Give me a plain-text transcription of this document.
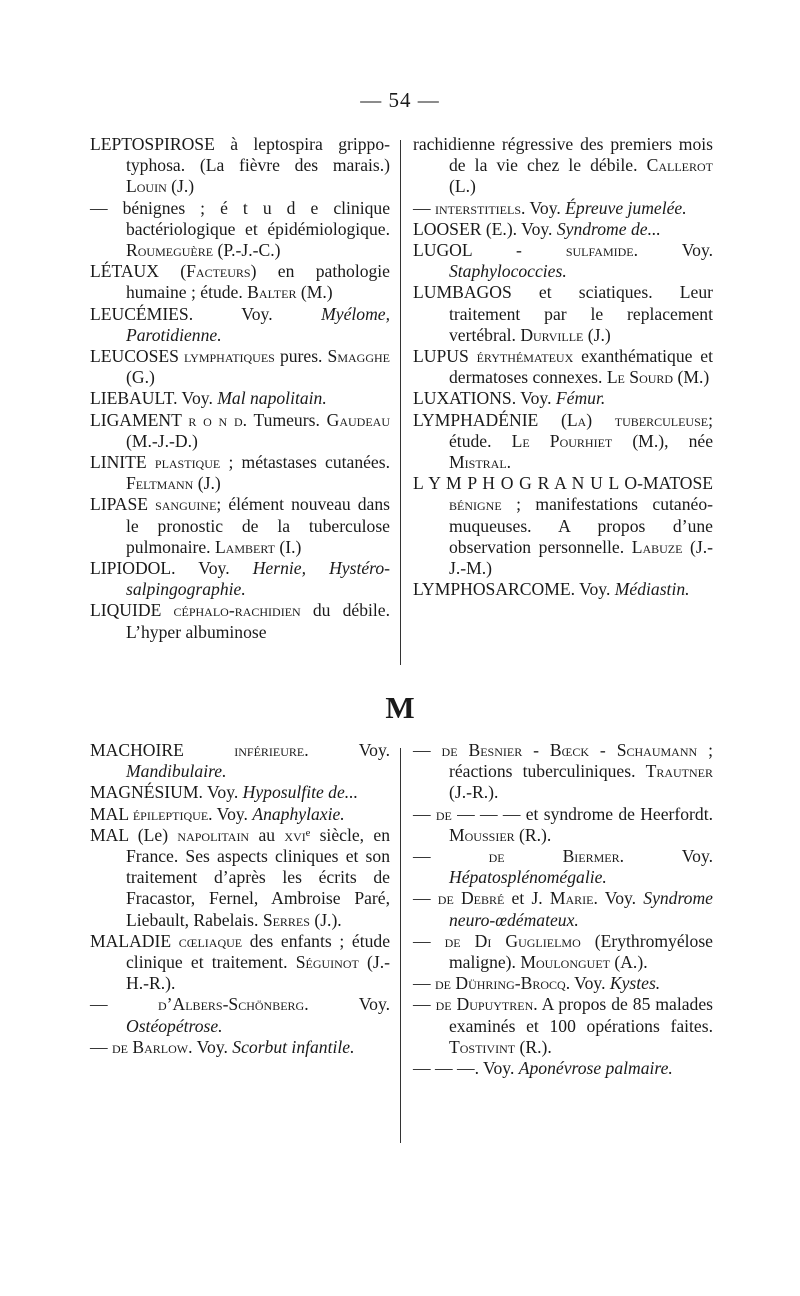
— 54 —
LEPTOSPIROSE à leptospira grippo-typhosa. (La fièvre des marais.) Louin (J.)
— bénignes ; é t u d e clinique bactériologique et épidémiologique. Roumeguère (P.-J.-C.)
LÉTAUX (Facteurs) en pathologie humaine ; étude. Balter (M.)
LEUCÉMIES. Voy. Myélome, Parotidienne.
LEUCOSES lymphatiques pures. Smagghe (G.)
LIEBAULT. Voy. Mal napolitain.
LIGAMENT r o n d. Tumeurs. Gaudeau (M.-J.-D.)
LINITE plastique ; métastases cutanées. Feltmann (J.)
LIPASE sanguine; élément nouveau dans le pronostic de la tuberculose pulmonaire. Lambert (I.)
LIPIODOL. Voy. Hernie, Hystéro-salpingographie.
LIQUIDE céphalo-rachidien du débile. L’hyper albuminose
rachidienne régressive des premiers mois de la vie chez le débile. Callerot (L.)
— interstitiels. Voy. Épreuve jumelée.
LOOSER (E.). Voy. Syndrome de...
LUGOL - sulfamide. Voy. Staphylococcies.
LUMBAGOS et sciatiques. Leur traitement par le replacement vertébral. Durville (J.)
LUPUS érythémateux exanthématique et dermatoses connexes. Le Sourd (M.)
LUXATIONS. Voy. Fémur.
LYMPHADÉNIE (La) tuberculeuse; étude. Le Pourhiet (M.), née Mistral.
L Y M P H O G R A N U L O-MATOSE bénigne ; manifestations cutanéo-muqueuses. A propos d’une observation personnelle. Labuze (J.-J.-M.)
LYMPHOSARCOME. Voy. Médiastin.
M
MACHOIRE inférieure. Voy. Mandibulaire.
MAGNÉSIUM. Voy. Hyposulfite de...
MAL épileptique. Voy. Anaphylaxie.
MAL (Le) napolitain au xviᵉ siècle, en France. Ses aspects cliniques et son traitement d’après les écrits de Fracastor, Fernel, Ambroise Paré, Liebault, Rabelais. Serres (J.).
MALADIE cœliaque des enfants ; étude clinique et traitement. Séguinot (J.-H.-R.).
— d’Albers-Schönberg. Voy. Ostéopétrose.
— de Barlow. Voy. Scorbut infantile.
— de Besnier - Bœck - Schaumann ; réactions tuberculiniques. Trautner (J.-R.).
— de — — — et syndrome de Heerfordt. Moussier (R.).
— de Biermer. Voy. Hépatosplénomégalie.
— de Debré et J. Marie. Voy. Syndrome neuro-œdémateux.
— de Di Guglielmo (Erythromyélose maligne). Moulonguet (A.).
— de Dühring-Brocq. Voy. Kystes.
— de Dupuytren. A propos de 85 malades examinés et 100 opérations faites. Tostivint (R.).
— — —. Voy. Aponévrose palmaire.
